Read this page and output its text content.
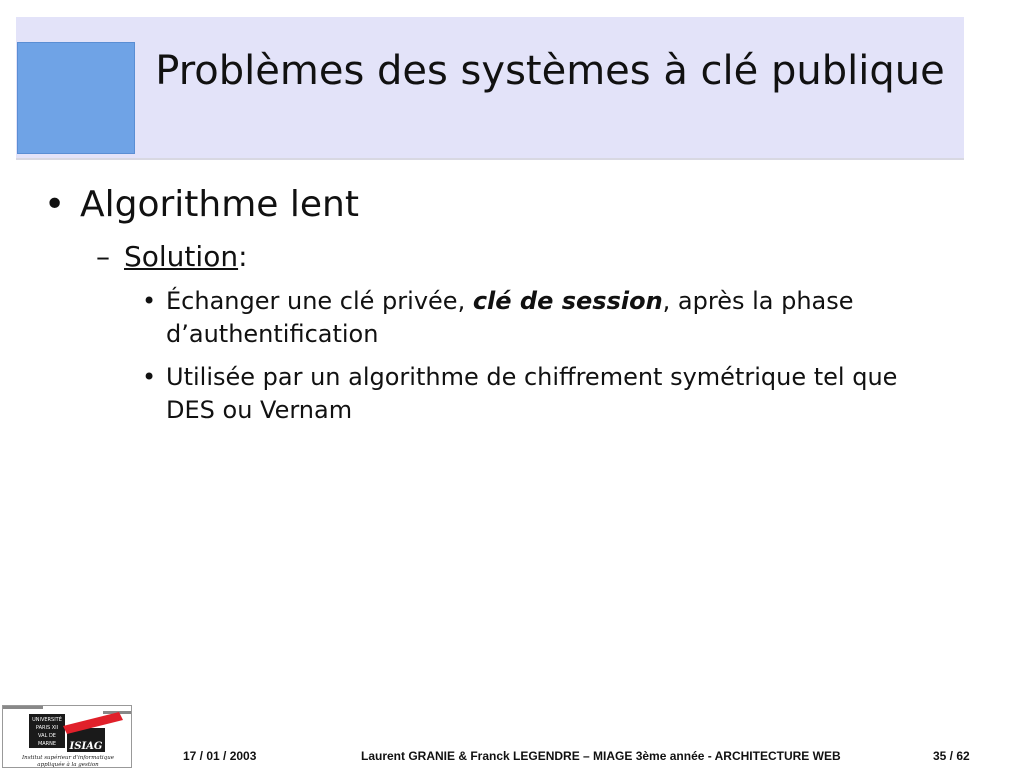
Problèmes des systèmes à clé publique
• Algorithme lent
– Solution:
• Échanger une clé privée, clé de session, après la phase d’authentification
• Utilisée par un algorithme de chiffrement symétrique tel que DES ou Vernam
UNIVERSITÉ
PARIS XII
VAL DE
MARNE ISIAG
Institut supérieur d'informatique
appliquée à la gestion
17 / 01 / 2003	Laurent GRANIE & Franck LEGENDRE – MIAGE 3ème année - ARCHITECTURE WEB	35 / 62
